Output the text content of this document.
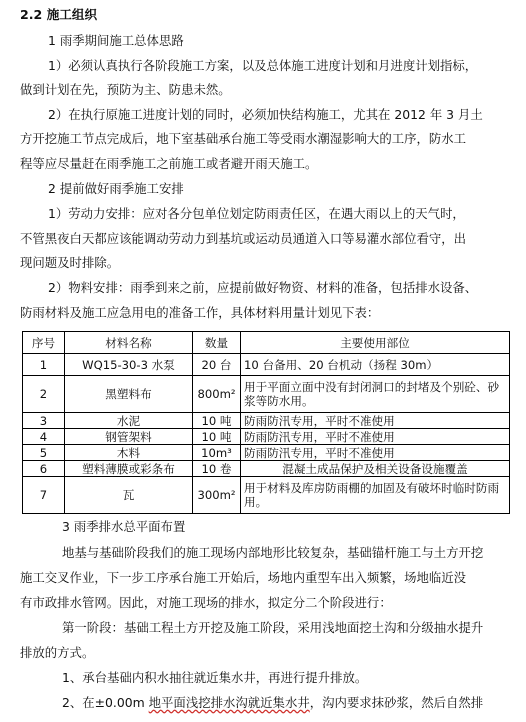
2.2 施工组织
1 雨季期间施工总体思路
1）必须认真执行各阶段施工方案，以及总体施工进度计划和月进度计划指标，
做到计划在先，预防为主、防患未然。
2）在执行原施工进度计划的同时，必须加快结构施工，尤其在 2012 年 3 月土
方开挖施工节点完成后，地下室基础承台施工等受雨水潮湿影响大的工序，防水工
程等应尽量赶在雨季施工之前施工或者避开雨天施工。
2 提前做好雨季施工安排
1）劳动力安排：应对各分包单位划定防雨责任区，在遇大雨以上的天气时，
不管黑夜白天都应该能调动劳动力到基坑或运动员通道入口等易灌水部位看守，出
现问题及时排除。
2）物料安排：雨季到来之前，应提前做好物资、材料的准备，包括排水设备、
防雨材料及施工应急用电的准备工作，具体材料用量计划见下表：
序号	材料名称	数量	主要使用部位
1	WQ15-30-3 水泵	20 台	10 台备用、20 台机动（扬程 30m）
2	黑塑料布	800m²	用于平面立面中没有封闭洞口的封堵及个别砼、砂浆等防水用。
3	水泥	10 吨	防雨防汛专用，平时不准使用
4	钢管架料	10 吨	防雨防汛专用，平时不准使用
5	木料	10m³	防雨防汛专用，平时不准使用
6	塑料薄膜或彩条布	10 卷	混凝土成品保护及相关设备设施覆盖
7	瓦	300m²	用于材料及库房防雨棚的加固及有破坏时临时防雨用。
3 雨季排水总平面布置
地基与基础阶段我们的施工现场内部地形比较复杂，基础锚杆施工与土方开挖
施工交叉作业，下一步工序承台施工开始后，场地内重型车出入频繁，场地临近没
有市政排水管网。因此，对施工现场的排水，拟定分二个阶段进行：
第一阶段：基础工程土方开挖及施工阶段，采用浅地面挖土沟和分级抽水提升
排放的方式。
1、承台基础内积水抽往就近集水井，再进行提升排放。
2、在±0.00m 地平面浅挖排水沟就近集水井，沟内要求抹砂浆，然后自然排
